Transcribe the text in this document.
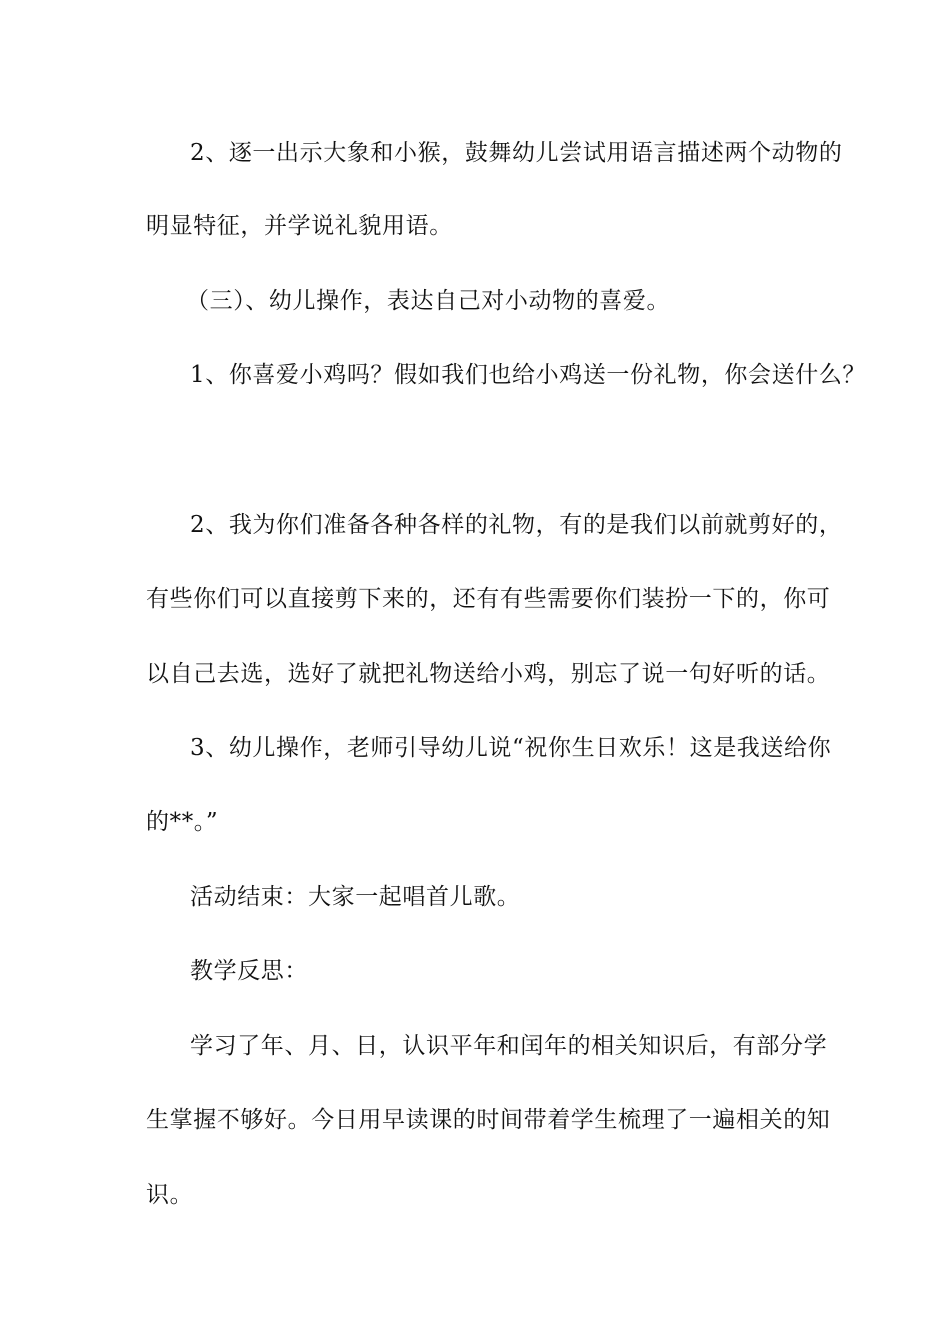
2、逐一出示大象和小猴，鼓舞幼儿尝试用语言描述两个动物的
明显特征，并学说礼貌用语。
（三）、幼儿操作，表达自己对小动物的喜爱。
1、你喜爱小鸡吗？假如我们也给小鸡送一份礼物，你会送什么？
2、我为你们准备各种各样的礼物，有的是我们以前就剪好的，
有些你们可以直接剪下来的，还有有些需要你们装扮一下的，你可
以自己去选，选好了就把礼物送给小鸡，别忘了说一句好听的话。
3、幼儿操作，老师引导幼儿说“祝你生日欢乐！这是我送给你
的**。”
活动结束：大家一起唱首儿歌。
教学反思：
学习了年、月、日，认识平年和闰年的相关知识后，有部分学
生掌握不够好。今日用早读课的时间带着学生梳理了一遍相关的知
识。
